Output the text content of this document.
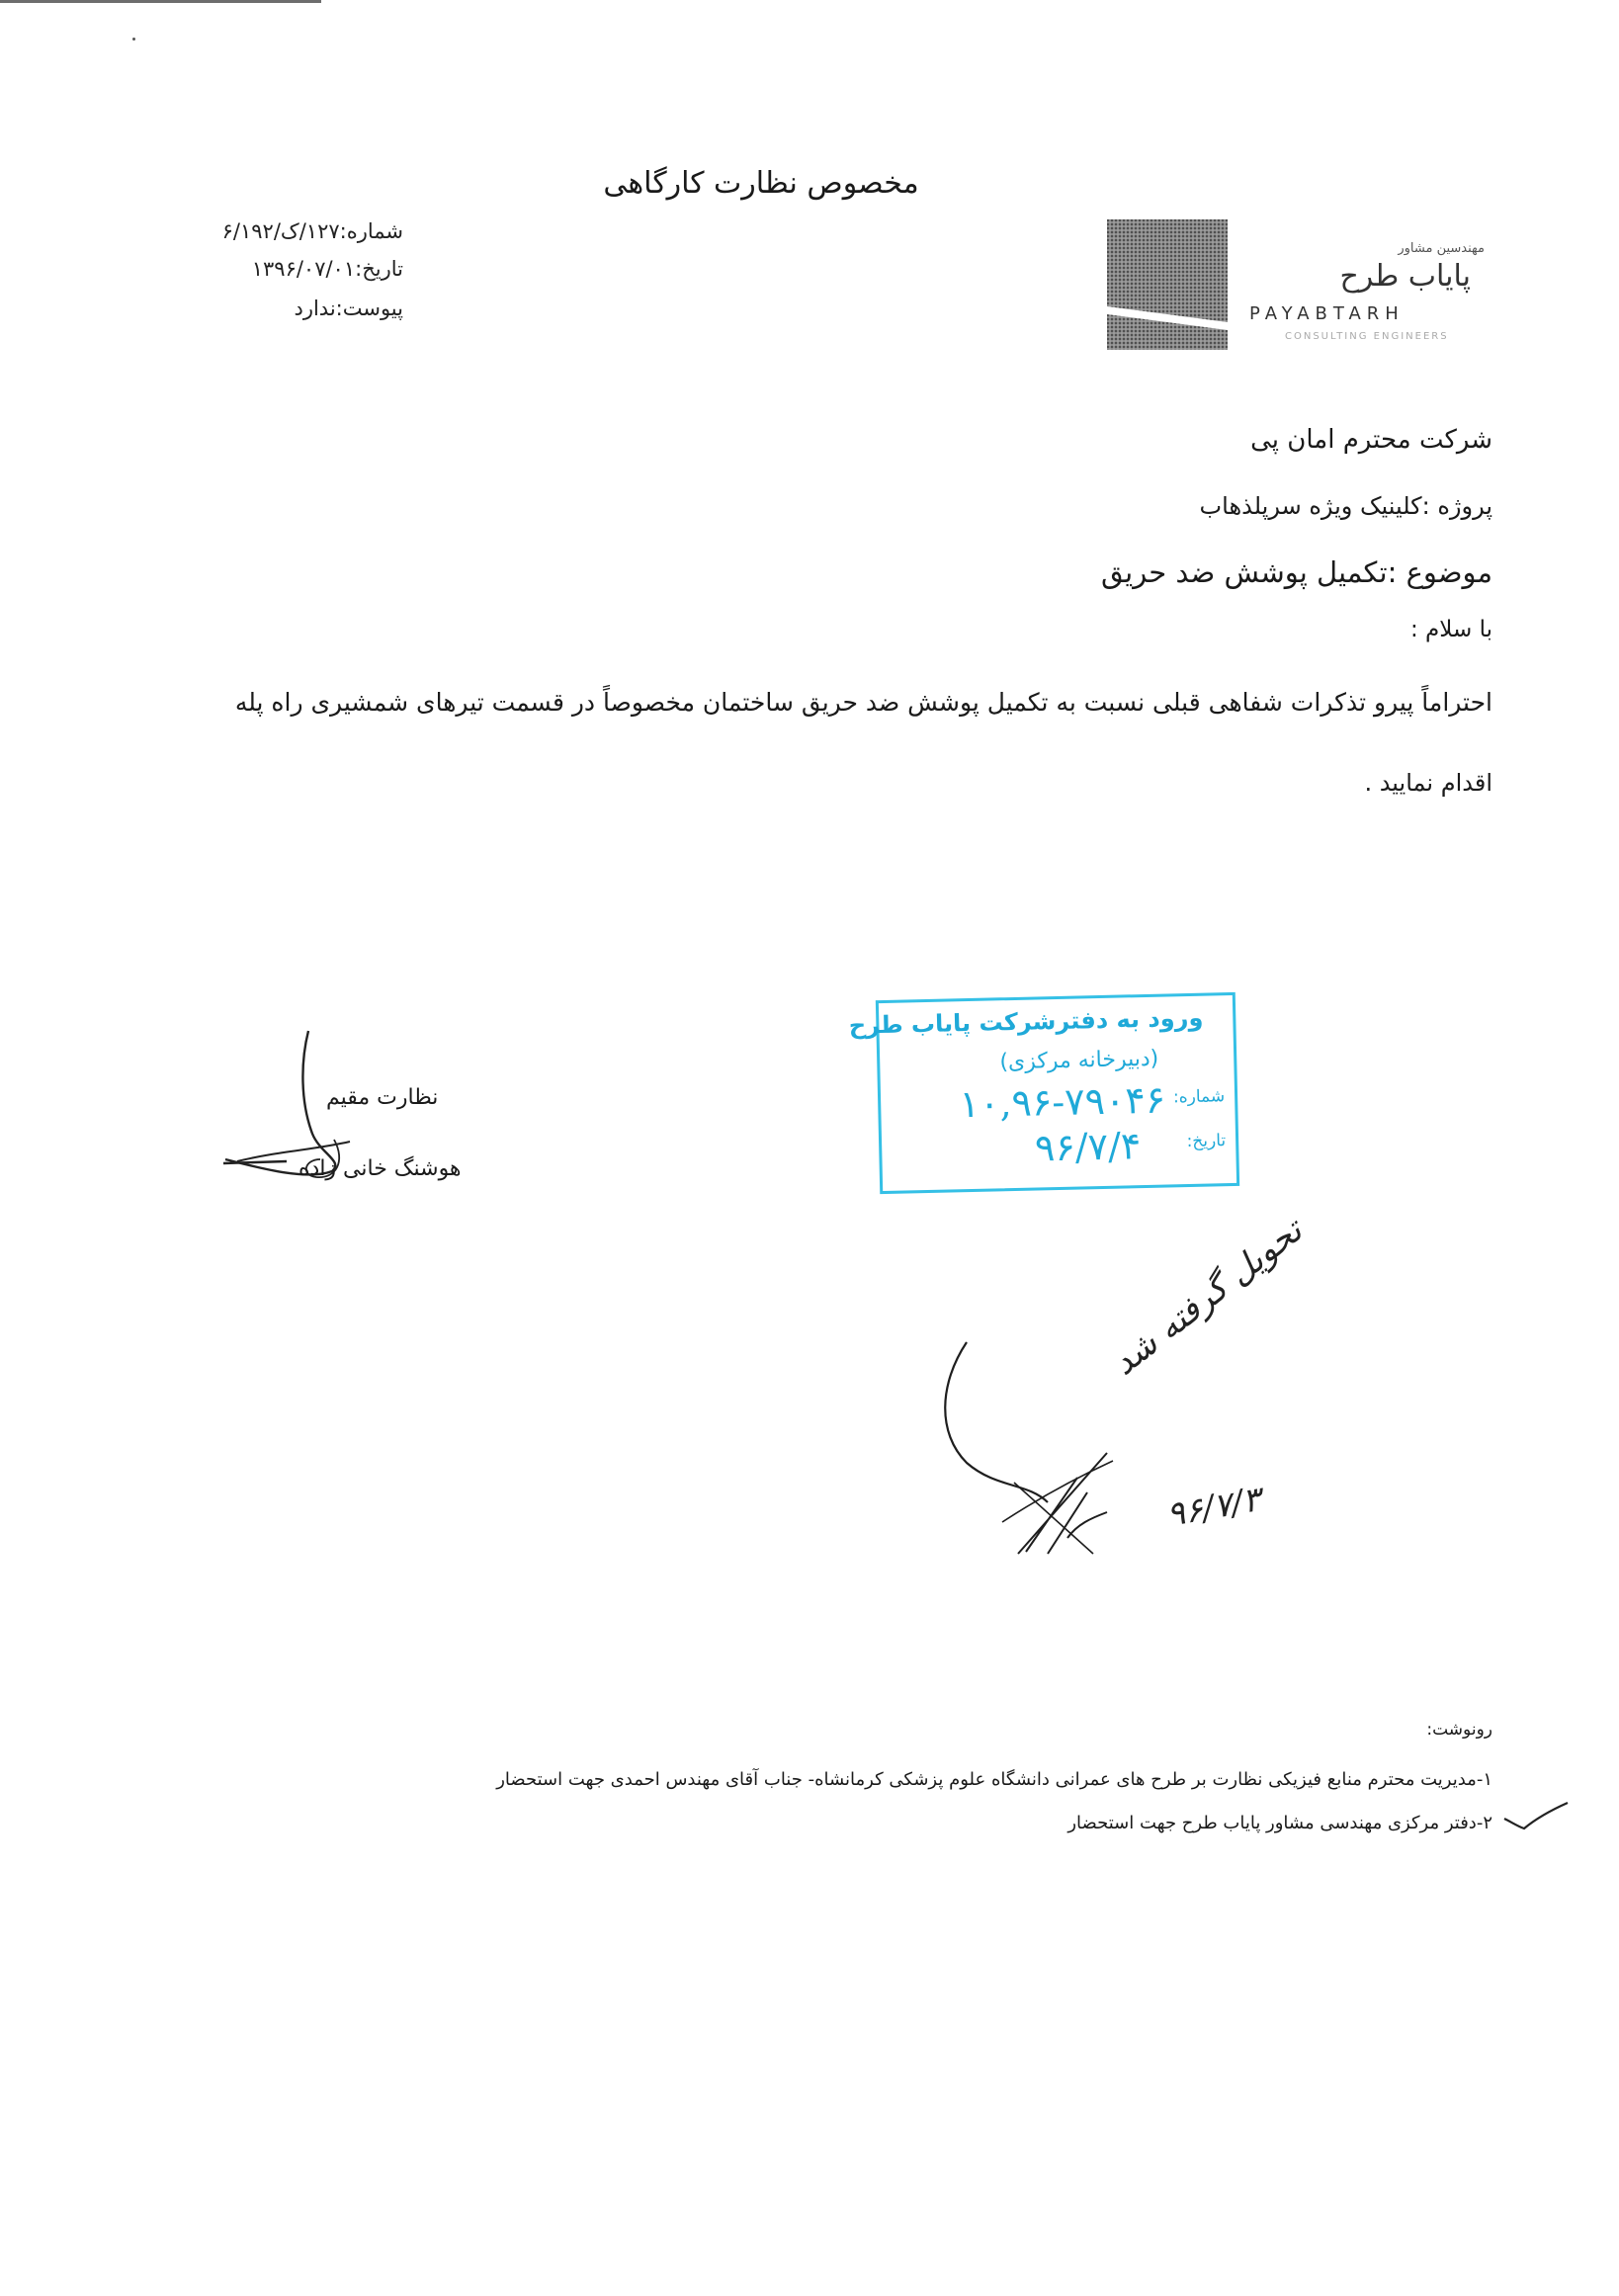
مخصوص نظارت کارگاهی
شماره:۱۲۷/ک/۶/۱۹۲
تاریخ:۱۳۹۶/۰۷/۰۱
پیوست:ندارد
مهندسین مشاور
پایاب طرح
PAYABTARH
CONSULTING ENGINEERS
شرکت محترم امان پی
پروژه :کلینیک ویژه سرپلذهاب
موضوع :تکمیل پوشش ضد حریق
با سلام :
احتراماً پیرو تذکرات شفاهی قبلی نسبت به تکمیل پوشش ضد حریق ساختمان مخصوصاً در قسمت تیرهای شمشیری راه پله
اقدام نمایید .
ورود به دفترشرکت پایاب طرح
(دبیرخانه مرکزی)
شماره:
تاریخ:
۱۰,۹۶-۷۹۰۴۶
۹۶/۷/۴
نظارت مقیم
هوشنگ خانی زاده
تحویل گرفته شد
۹۶/۷/۳
رونوشت:
۱-مدیریت محترم منابع فیزیکی نظارت بر طرح های عمرانی دانشگاه علوم پزشکی کرمانشاه- جناب آقای مهندس احمدی جهت استحضار
۲-دفتر مرکزی مهندسی مشاور پایاب طرح جهت استحضار
